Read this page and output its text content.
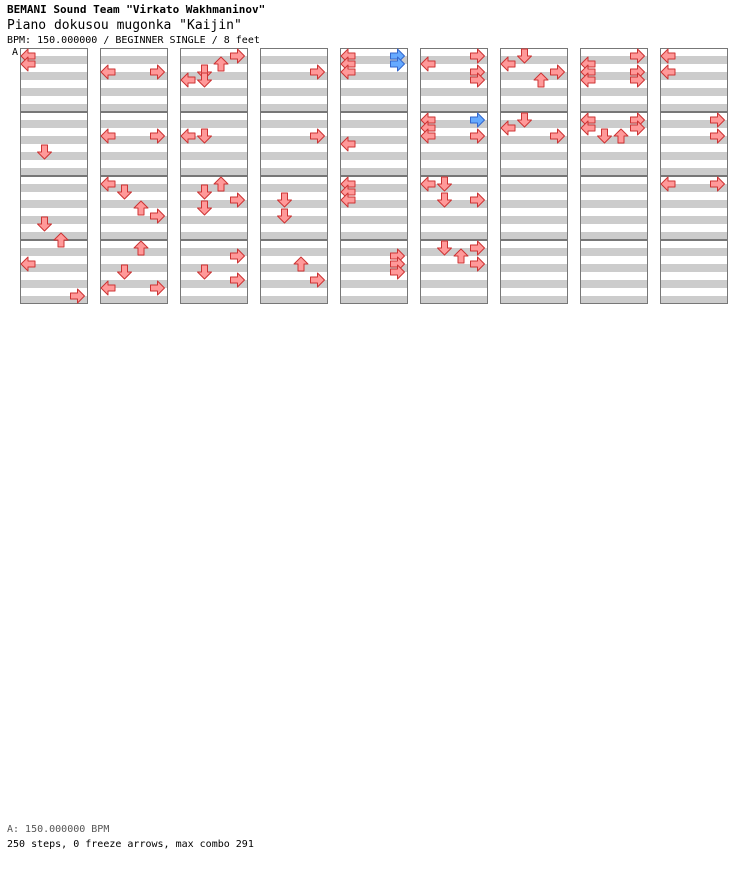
BEMANI Sound Team "Virkato Wakhmaninov"
Piano dokusou mugonka "Kaijin"
BPM: 150.000000 / BEGINNER SINGLE / 8 feet
A
A: 150.000000 BPM
250 steps, 0 freeze arrows, max combo 291
